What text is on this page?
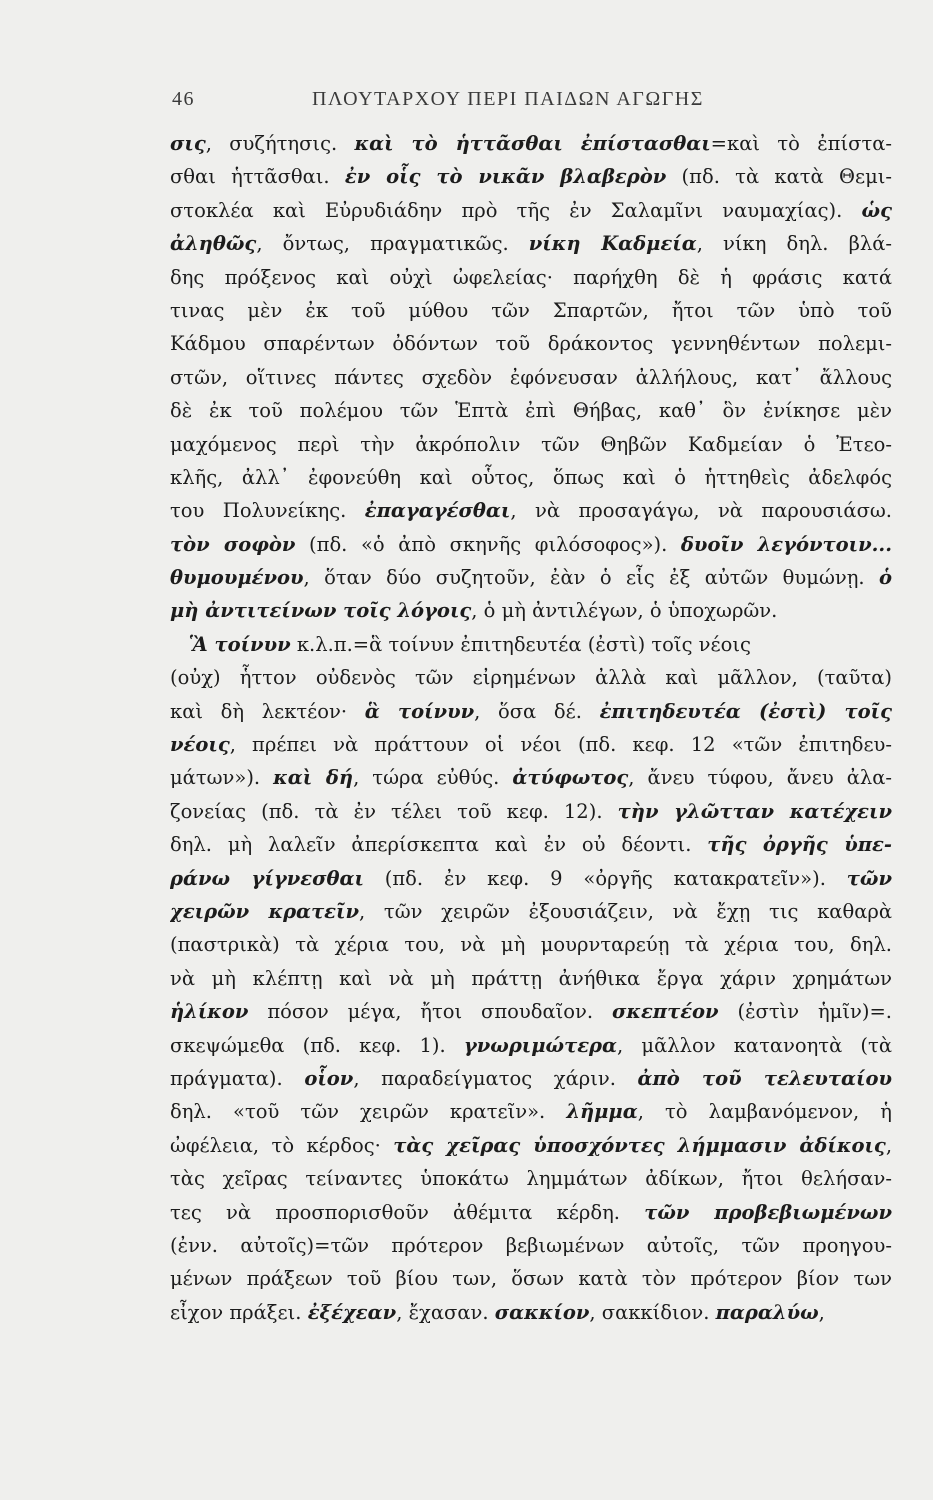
46	ΠΛΟΥΤΑΡΧΟΥ ΠΕΡΙ ΠΑΙΔΩΝ ΑΓΩΓΗΣ
σις, συζήτησις. καὶ τὸ ἡττᾶσθαι ἐπίστασθαι=καὶ τὸ ἐπίστα-
σθαι ἡττᾶσθαι. ἐν οἷς τὸ νικᾶν βλαβερὸν (πδ. τὰ κατὰ Θεμι-
στοκλέα καὶ Εὐρυδιάδην πρὸ τῆς ἐν Σαλαμῖνι ναυμαχίας). ὡς
ἀληθῶς, ὄντως, πραγματικῶς. νίκη Καδμεία, νίκη δηλ. βλά-
δης πρόξενος καὶ οὐχὶ ὠφελείας· παρήχθη δὲ ἡ φράσις κατά
τινας μὲν ἐκ τοῦ μύθου τῶν Σπαρτῶν, ἤτοι τῶν ὑπὸ τοῦ
Κάδμου σπαρέντων ὀδόντων τοῦ δράκοντος γεννηθέντων πολεμι-
στῶν, οἵτινες πάντες σχεδὸν ἐφόνευσαν ἀλλήλους, κατ᾽ ἄλλους
δὲ ἐκ τοῦ πολέμου τῶν Ἑπτὰ ἐπὶ Θήβας, καθ᾽ ὃν ἐνίκησε μὲν
μαχόμενος περὶ τὴν ἀκρόπολιν τῶν Θηβῶν Καδμείαν ὁ Ἐτεο-
κλῆς, ἀλλ᾽ ἐφονεύθη καὶ οὗτος, ὅπως καὶ ὁ ἡττηθεὶς ἀδελφός
του Πολυνείκης. ἐπαγαγέσθαι, νὰ προσαγάγω, νὰ παρουσιάσω.
τὸν σοφὸν (πδ. «ὁ ἀπὸ σκηνῆς φιλόσοφος»). δυοῖν λεγόντοιν...
θυμουμένου, ὅταν δύο συζητοῦν, ἐὰν ὁ εἷς ἐξ αὐτῶν θυμώνῃ. ὁ
μὴ ἀντιτείνων τοῖς λόγοις, ὁ μὴ ἀντιλέγων, ὁ ὑποχωρῶν.
Ἃ τοίνυν κ.λ.π.=ἃ τοίνυν ἐπιτηδευτέα (ἐστὶ) τοῖς νέοις
(οὐχ) ἧττον οὐδενὸς τῶν εἰρημένων ἀλλὰ καὶ μᾶλλον, (ταῦτα)
καὶ δὴ λεκτέον· ἃ τοίνυν, ὅσα δέ. ἐπιτηδευτέα (ἐστὶ) τοῖς
νέοις, πρέπει νὰ πράττουν οἱ νέοι (πδ. κεφ. 12 «τῶν ἐπιτηδευ-
μάτων»). καὶ δή, τώρα εὐθύς. ἀτύφωτος, ἄνευ τύφου, ἄνευ ἀλα-
ζονείας (πδ. τὰ ἐν τέλει τοῦ κεφ. 12). τὴν γλῶτταν κατέχειν
δηλ. μὴ λαλεῖν ἀπερίσκεπτα καὶ ἐν οὐ δέοντι. τῆς ὀργῆς ὑπε-
ράνω γίγνεσθαι (πδ. ἐν κεφ. 9 «ὀργῆς κατακρατεῖν»). τῶν
χειρῶν κρατεῖν, τῶν χειρῶν ἐξουσιάζειν, νὰ ἔχῃ τις καθαρὰ
(παστρικὰ) τὰ χέρια του, νὰ μὴ μουρνταρεύῃ τὰ χέρια του, δηλ.
νὰ μὴ κλέπτῃ καὶ νὰ μὴ πράττῃ ἀνήθικα ἔργα χάριν χρημάτων
ἡλίκον πόσον μέγα, ἤτοι σπουδαῖον. σκεπτέον (ἐστὶν ἡμῖν)=.
σκεψώμεθα (πδ. κεφ. 1). γνωριμώτερα, μᾶλλον κατανοητὰ (τὰ
πράγματα). οἷον, παραδείγματος χάριν. ἀπὸ τοῦ τελευταίου
δηλ. «τοῦ τῶν χειρῶν κρατεῖν». λῆμμα, τὸ λαμβανόμενον, ἡ
ὠφέλεια, τὸ κέρδος· τὰς χεῖρας ὑποσχόντες λήμμασιν ἀδίκοις,
τὰς χεῖρας τείναντες ὑποκάτω λημμάτων ἀδίκων, ἤτοι θελήσαν-
τες νὰ προσπορισθοῦν ἀθέμιτα κέρδη. τῶν προβεβιωμένων
(ἐνν. αὐτοῖς)=τῶν πρότερον βεβιωμένων αὐτοῖς, τῶν προηγου-
μένων πράξεων τοῦ βίου των, ὅσων κατὰ τὸν πρότερον βίον των
εἶχον πράξει. ἐξέχεαν, ἔχασαν. σακκίον, σακκίδιον. παραλύω,
